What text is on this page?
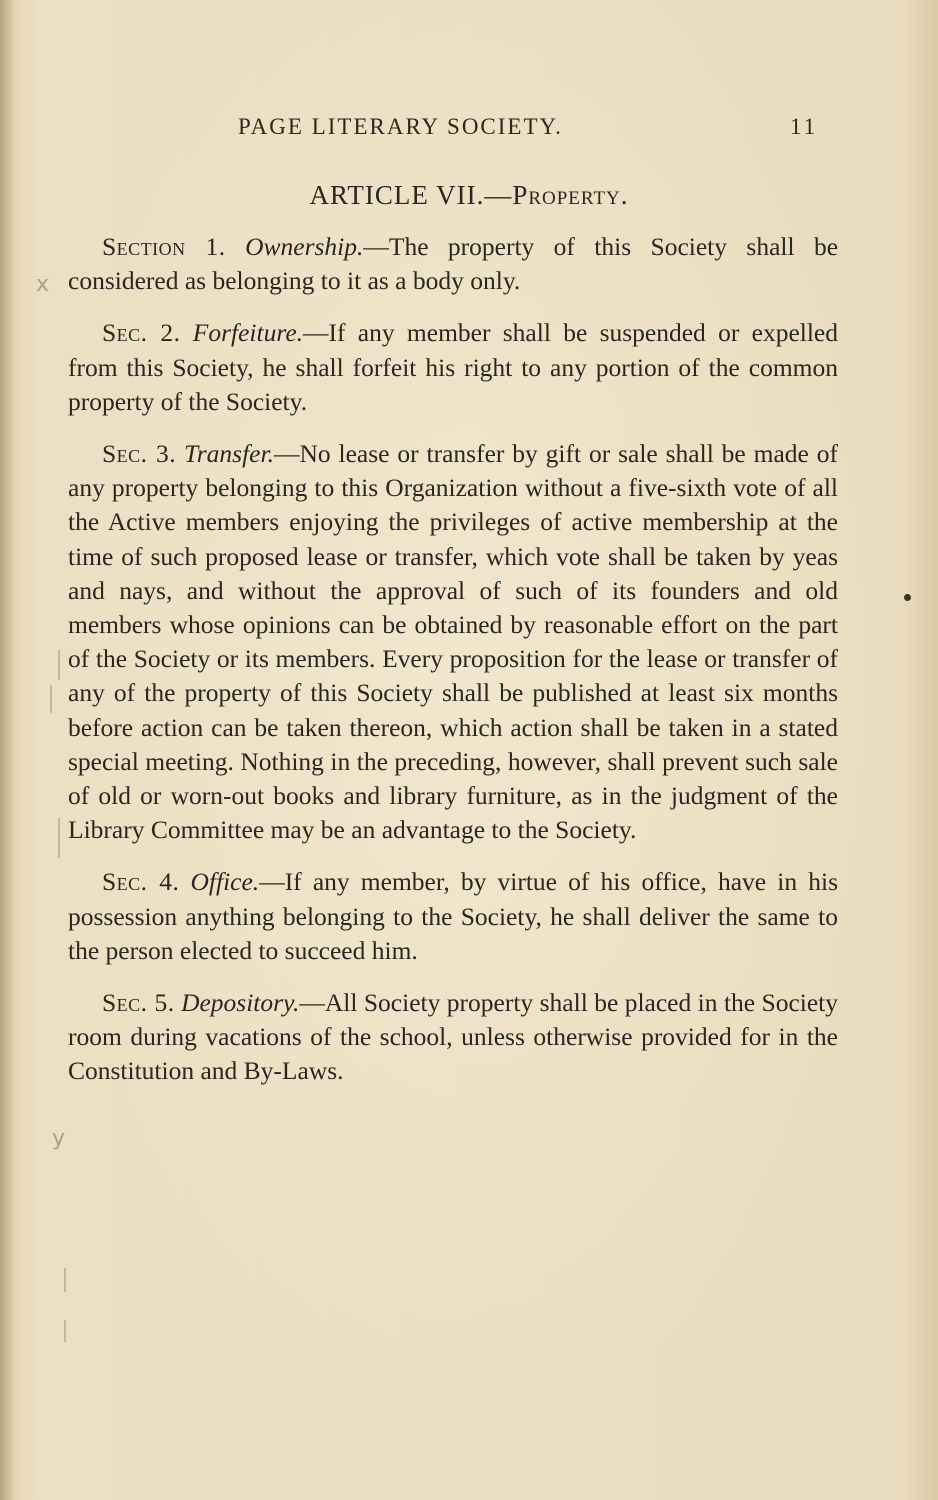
PAGE LITERARY SOCIETY.	11
ARTICLE VII.—Property.

Section 1. Ownership.—The property of this Society shall be considered as belonging to it as a body only.

Sec. 2. Forfeiture.—If any member shall be suspended or expelled from this Society, he shall forfeit his right to any portion of the common property of the Society.

Sec. 3. Transfer.—No lease or transfer by gift or sale shall be made of any property belonging to this Organization without a five-sixth vote of all the Active members enjoying the privileges of active membership at the time of such proposed lease or transfer, which vote shall be taken by yeas and nays, and without the approval of such of its founders and old members whose opinions can be obtained by reasonable effort on the part of the Society or its members. Every proposition for the lease or transfer of any of the property of this Society shall be published at least six months before action can be taken thereon, which action shall be taken in a stated special meeting. Nothing in the preceding, however, shall prevent such sale of old or worn-out books and library furniture, as in the judgment of the Library Committee may be an advantage to the Society.

Sec. 4. Office.—If any member, by virtue of his office, have in his possession anything belonging to the Society, he shall deliver the same to the person elected to succeed him.

Sec. 5. Depository.—All Society property shall be placed in the Society room during vacations of the school, unless otherwise provided for in the Constitution and By-Laws.

x
y
